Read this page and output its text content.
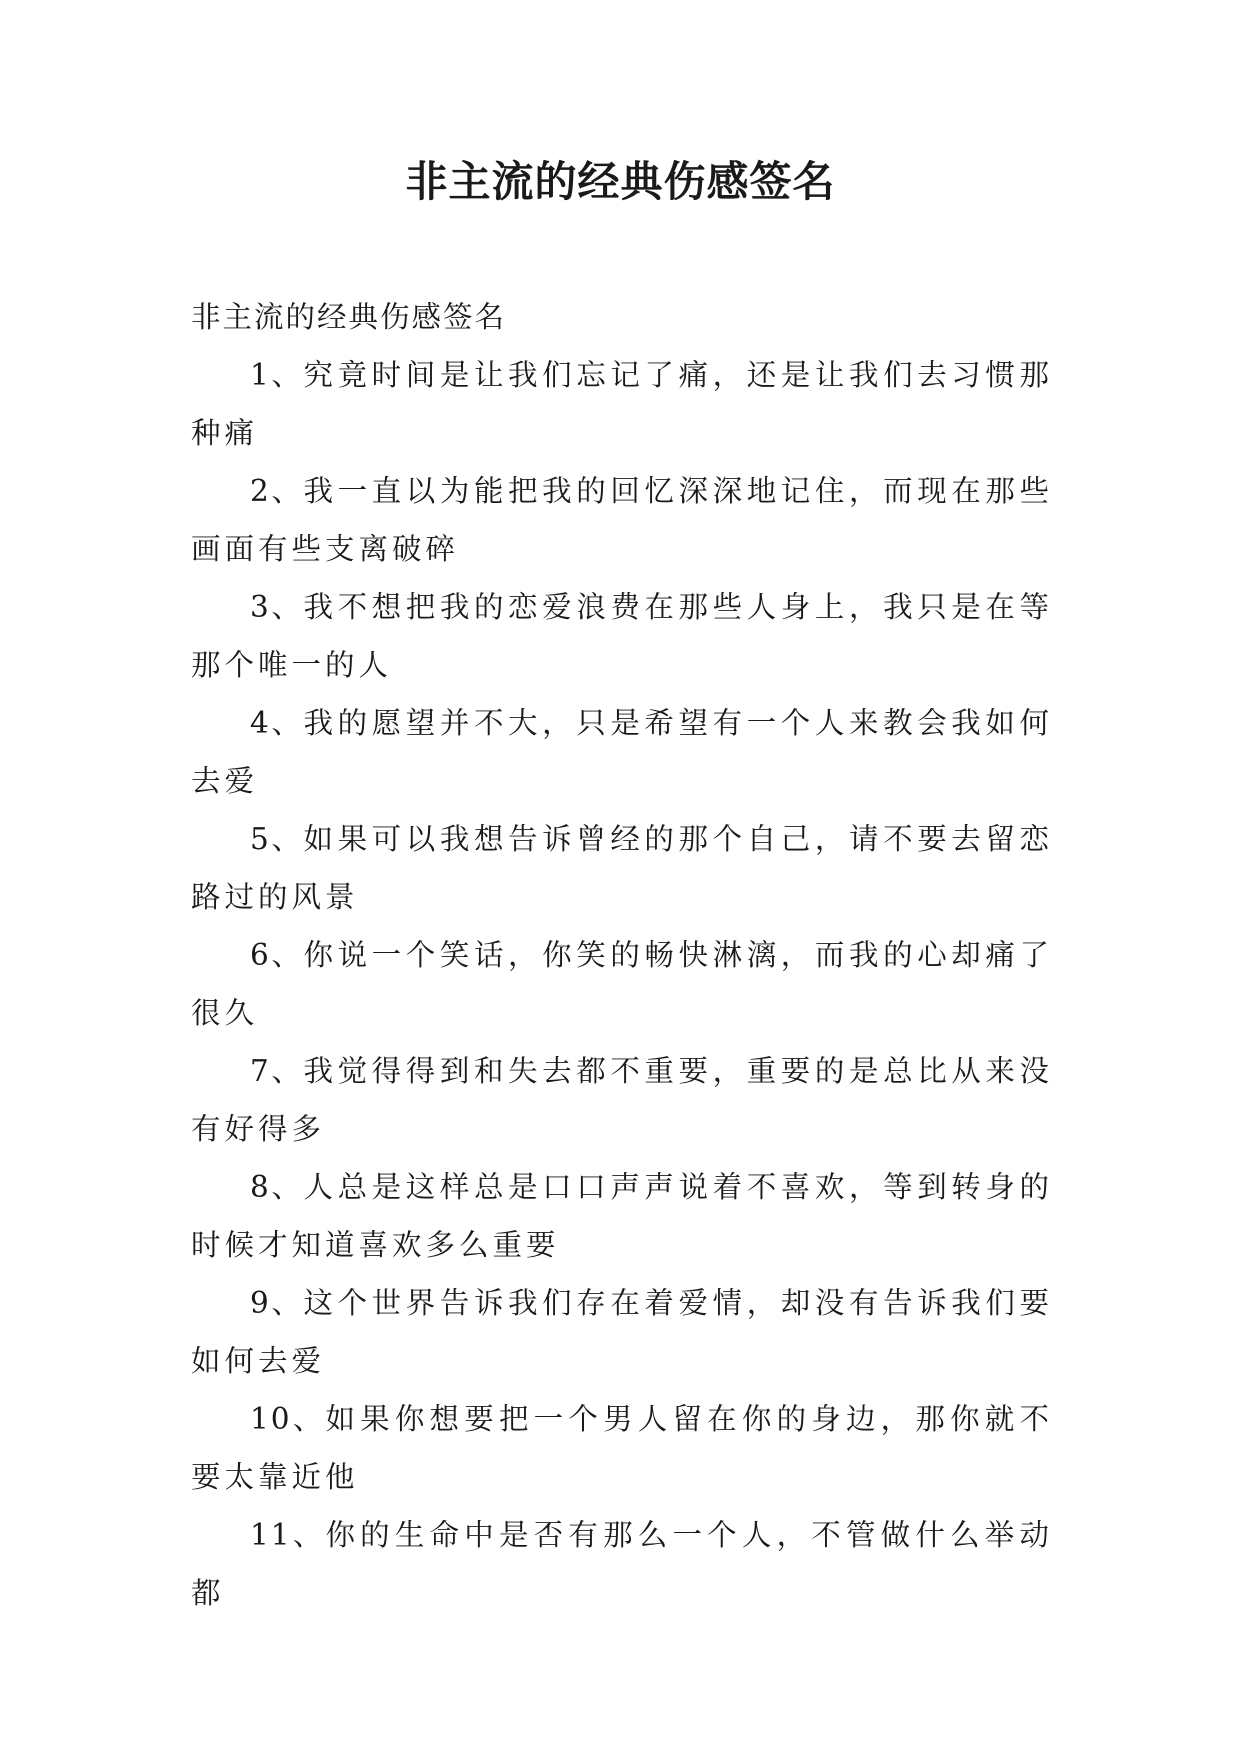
非主流的经典伤感签名

非主流的经典伤感签名

1、究竟时间是让我们忘记了痛，还是让我们去习惯那种痛

2、我一直以为能把我的回忆深深地记住，而现在那些画面有些支离破碎

3、我不想把我的恋爱浪费在那些人身上，我只是在等那个唯一的人

4、我的愿望并不大，只是希望有一个人来教会我如何去爱

5、如果可以我想告诉曾经的那个自己，请不要去留恋路过的风景

6、你说一个笑话，你笑的畅快淋漓，而我的心却痛了很久

7、我觉得得到和失去都不重要，重要的是总比从来没有好得多

8、人总是这样总是口口声声说着不喜欢，等到转身的时候才知道喜欢多么重要

9、这个世界告诉我们存在着爱情，却没有告诉我们要如何去爱

10、如果你想要把一个男人留在你的身边，那你就不要太靠近他

11、你的生命中是否有那么一个人，不管做什么举动都
